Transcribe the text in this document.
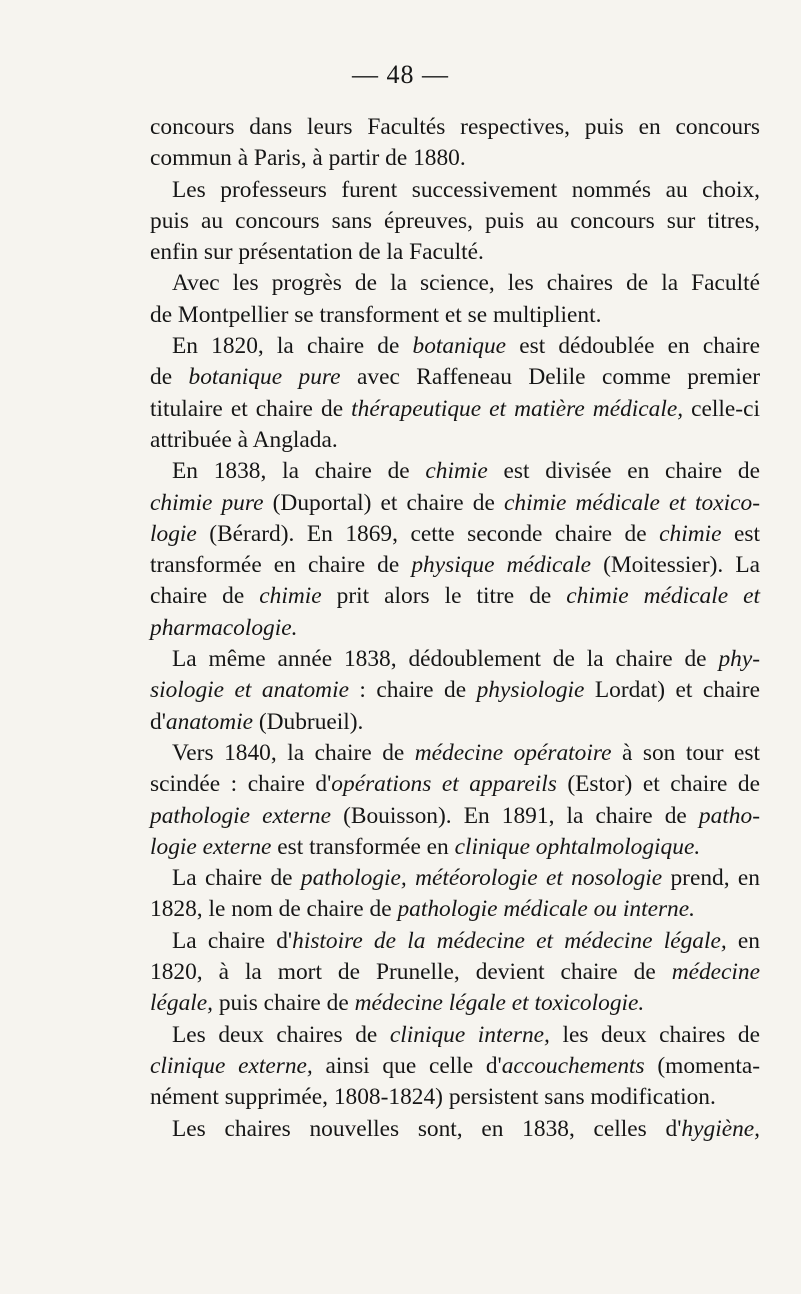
— 48 —
concours dans leurs Facultés respectives, puis en concours
commun à Paris, à partir de 1880.
Les professeurs furent successivement nommés au choix,
puis au concours sans épreuves, puis au concours sur titres,
enfin sur présentation de la Faculté.
Avec les progrès de la science, les chaires de la Faculté
de Montpellier se transforment et se multiplient.
En 1820, la chaire de botanique est dédoublée en chaire
de botanique pure avec Raffeneau Delile comme premier
titulaire et chaire de thérapeutique et matière médicale, celle-ci
attribuée à Anglada.
En 1838, la chaire de chimie est divisée en chaire de
chimie pure (Duportal) et chaire de chimie médicale et toxico-
logie (Bérard). En 1869, cette seconde chaire de chimie est
transformée en chaire de physique médicale (Moitessier). La
chaire de chimie prit alors le titre de chimie médicale et
pharmacologie.
La même année 1838, dédoublement de la chaire de phy-
siologie et anatomie : chaire de physiologie Lordat) et chaire
d'anatomie (Dubrueil).
Vers 1840, la chaire de médecine opératoire à son tour est
scindée : chaire d'opérations et appareils (Estor) et chaire de
pathologie externe (Bouisson). En 1891, la chaire de patho-
logie externe est transformée en clinique ophtalmologique.
La chaire de pathologie, météorologie et nosologie prend, en
1828, le nom de chaire de pathologie médicale ou interne.
La chaire d'histoire de la médecine et médecine légale, en
1820, à la mort de Prunelle, devient chaire de médecine
légale, puis chaire de médecine légale et toxicologie.
Les deux chaires de clinique interne, les deux chaires de
clinique externe, ainsi que celle d'accouchements (momenta-
nément supprimée, 1808-1824) persistent sans modification.
Les chaires nouvelles sont, en 1838, celles d'hygiène,
